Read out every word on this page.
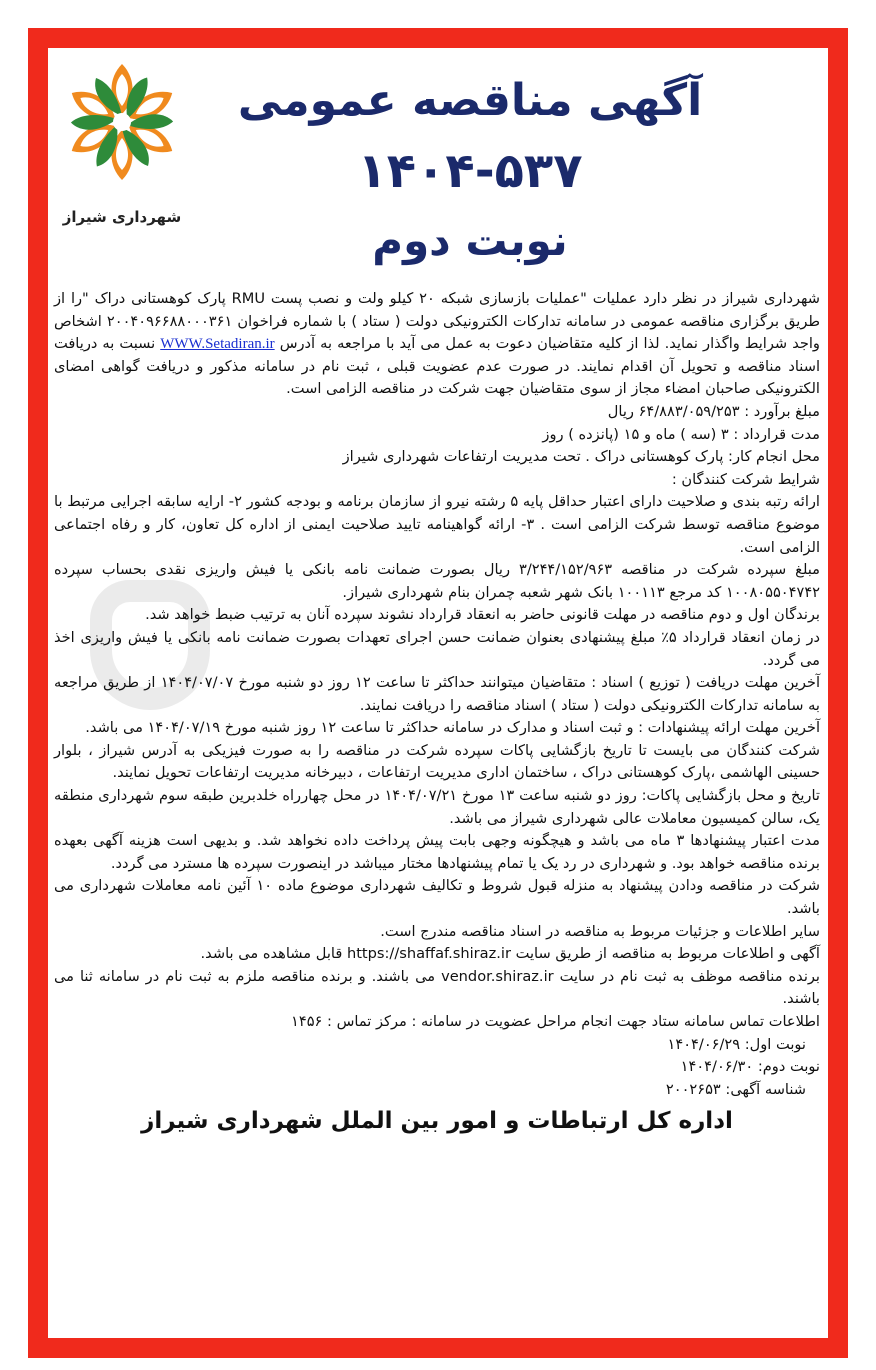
شهرداری شیراز
آگهی مناقصه عمومی
۱۴۰۴-۵۳۷
نوبت دوم

شهرداری شیراز در نظر دارد عملیات "عملیات بازسازی شبکه ۲۰ کیلو ولت و نصب پست RMU پارک کوهستانی دراک "را از طریق برگزاری مناقصه عمومی در سامانه تدارکات الکترونیکی دولت ( ستاد ) با شماره فراخوان ۲۰۰۴۰۹۶۶۸۸۰۰۰۳۶۱ اشخاص واجد شرایط واگذار نماید. لذا از کلیه متقاضیان دعوت به عمل می آید با مراجعه به آدرس WWW.Setadiran.ir نسبت به دریافت اسناد مناقصه و تحویل آن اقدام نمایند. در صورت عدم عضویت قبلی ، ثبت نام در سامانه مذکور و دریافت گواهی امضای الکترونیکی صاحبان امضاء مجاز از سوی متقاضیان جهت شرکت در مناقصه الزامی است.

مبلغ برآورد : ۶۴/۸۸۳/۰۵۹/۲۵۳ ریال

مدت قرارداد : ۳ (سه ) ماه و ۱۵ (پانزده ) روز

محل انجام کار: پارک کوهستانی دراک . تحت مدیریت ارتفاعات شهرداری شیراز

شرایط شرکت کنندگان :

ارائه رتبه بندی و صلاحیت دارای اعتبار حداقل پایه ۵ رشته نیرو از سازمان برنامه و بودجه کشور ۲- ارایه سابقه اجرایی مرتبط با موضوع مناقصه توسط شرکت الزامی است . ۳- ارائه گواهینامه تایید صلاحیت ایمنی از اداره کل تعاون، کار و رفاه اجتماعی الزامی است.

مبلغ سپرده شرکت در مناقصه ۳/۲۴۴/۱۵۲/۹۶۳ ریال بصورت ضمانت نامه بانکی یا فیش واریزی نقدی بحساب سپرده ۱۰۰۸۰۵۵۰۴۷۴۲ کد مرجع ۱۰۰۱۱۳ بانک شهر شعبه چمران بنام شهرداری شیراز.

برندگان اول و دوم مناقصه در مهلت قانونی حاضر به انعقاد قرارداد نشوند سپرده آنان به ترتیب ضبط خواهد شد.

در زمان انعقاد قرارداد ۵٪ مبلغ پیشنهادی بعنوان ضمانت حسن اجرای تعهدات بصورت ضمانت نامه بانکی یا فیش واریزی اخذ می گردد.

آخرین مهلت دریافت ( توزیع ) اسناد : متقاضیان میتوانند حداکثر تا ساعت ۱۲ روز دو شنبه مورخ ۱۴۰۴/۰۷/۰۷ از طریق مراجعه به سامانه تدارکات الکترونیکی دولت ( ستاد ) اسناد مناقصه را دریافت نمایند.

آخرین مهلت ارائه پیشنهادات : و ثبت اسناد و مدارک در سامانه حداکثر تا ساعت ۱۲ روز شنبه مورخ ۱۴۰۴/۰۷/۱۹ می باشد.

شرکت کنندگان می بایست تا تاریخ بازگشایی پاکات سپرده شرکت در مناقصه را به صورت فیزیکی به آدرس شیراز ، بلوار حسینی الهاشمی ،پارک کوهستانی دراک ، ساختمان اداری مدیریت ارتفاعات ، دبیرخانه مدیریت ارتفاعات تحویل نمایند.

تاریخ و محل بازگشایی پاکات: روز دو شنبه ساعت ۱۳ مورخ ۱۴۰۴/۰۷/۲۱ در محل چهارراه خلدبرین طبقه سوم شهرداری منطقه یک، سالن کمیسیون معاملات عالی شهرداری شیراز می باشد.

مدت اعتبار پیشنهادها ۳ ماه می باشد و هیچگونه وجهی بابت پیش پرداخت داده نخواهد شد. و بدیهی است هزینه آگهی بعهده برنده مناقصه خواهد بود. و شهرداری در رد یک یا تمام پیشنهادها مختار میباشد در اینصورت سپرده ها مسترد می گردد.

شرکت در مناقصه ودادن پیشنهاد به منزله قبول شروط و تکالیف شهرداری موضوع ماده ۱۰ آئین نامه معاملات شهرداری می باشد.

سایر اطلاعات و جزئیات مربوط به مناقصه در اسناد مناقصه مندرج است.

آگهی و اطلاعات مربوط به مناقصه از طریق سایت https://shaffaf.shiraz.ir قابل مشاهده می باشد.

برنده مناقصه موظف به ثبت نام در سایت vendor.shiraz.ir می باشند. و برنده مناقصه ملزم به ثبت نام در سامانه ثنا می باشند.

اطلاعات تماس سامانه ستاد جهت انجام مراحل عضویت در سامانه : مرکز تماس : ۱۴۵۶

نوبت اول: ۱۴۰۴/۰۶/۲۹

نوبت دوم: ۱۴۰۴/۰۶/۳۰

شناسه آگهی: ۲۰۰۲۶۵۳

اداره کل ارتباطات و امور بین الملل شهرداری شیراز
